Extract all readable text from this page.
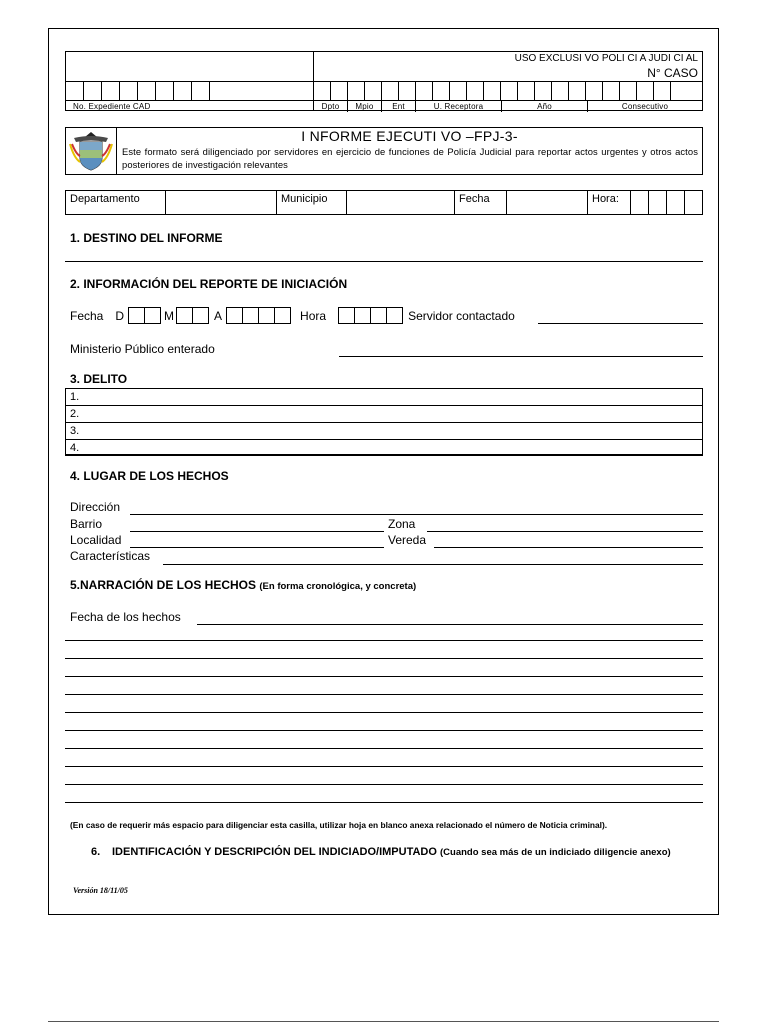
No. Expediente CAD
USO EXCLUSI VO POLI CI A JUDI CI AL
N° CASO
Dpto	Mpio	Ent	U. Receptora	Año	Consecutivo
I NFORME EJECUTI VO –FPJ-3-
Este formato será diligenciado por servidores en ejercicio de funciones de Policía Judicial para reportar actos urgentes y otros actos posteriores de investigación relevantes
Departamento	Municipio	Fecha	Hora:
1. DESTINO DEL INFORME
2. INFORMACIÓN DEL REPORTE DE INICIACIÓN
Fecha D	M	A	Hora	Servidor contactado
Ministerio Público enterado
3. DELITO
1.
2.
3.
4.
4. LUGAR DE LOS HECHOS
Dirección
Barrio	Zona
Localidad	Vereda
Características
5.NARRACIÓN DE LOS HECHOS (En forma cronológica, y concreta)
Fecha de los hechos
(En caso de requerir más espacio para diligenciar esta casilla, utilizar hoja en blanco anexa relacionado el número de Noticia criminal).
6. IDENTIFICACIÓN Y DESCRIPCIÓN DEL INDICIADO/IMPUTADO (Cuando sea más de un indiciado diligencie anexo)
Versión 18/11/05
